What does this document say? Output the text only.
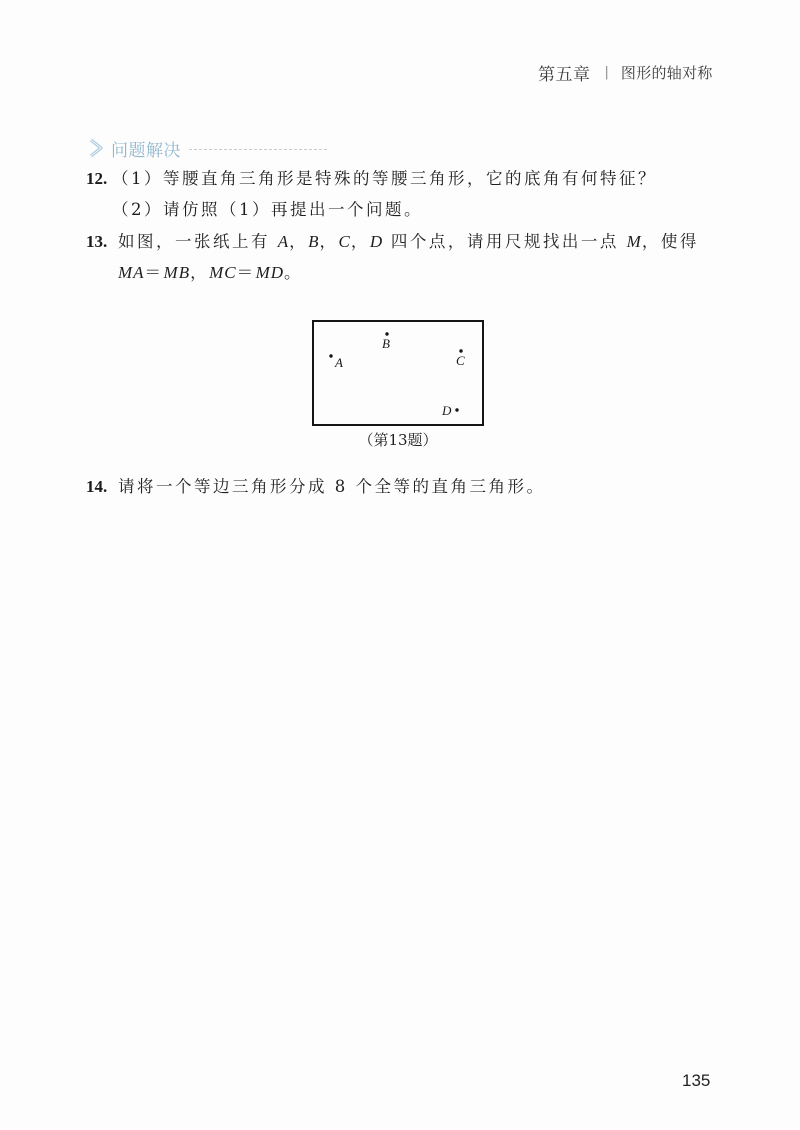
第五章 | 图形的轴对称
问题解决
12. （1）等腰直角三角形是特殊的等腰三角形，它的底角有何特征？
（2）请仿照（1）再提出一个问题。
13. 如图，一张纸上有 A，B，C，D 四个点，请用尺规找出一点 M，使得
MA＝MB，MC＝MD。
A
B
C
D
（第13题）
14. 请将一个等边三角形分成 8 个全等的直角三角形。
135
